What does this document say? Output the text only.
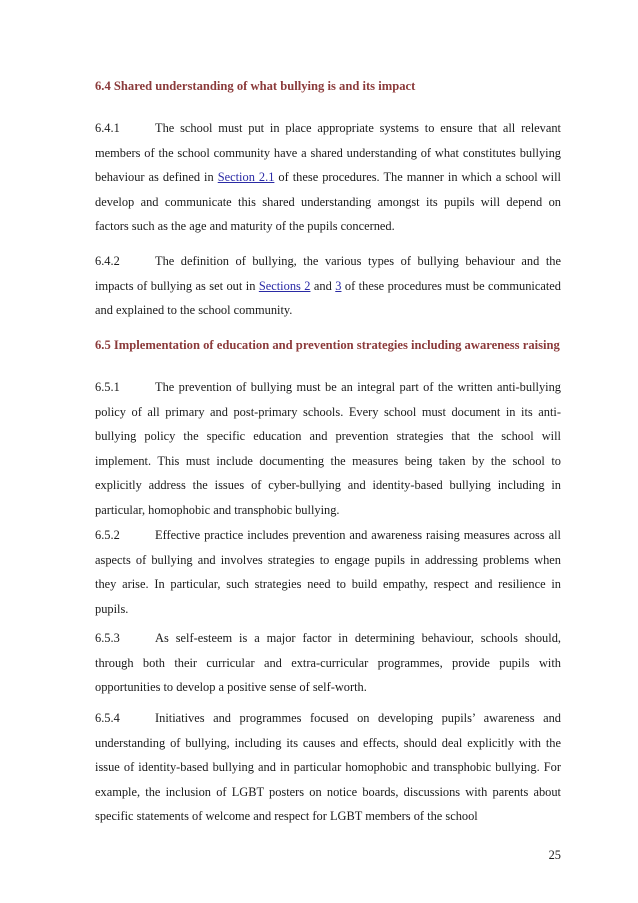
6.4 Shared understanding of what bullying is and its impact

6.4.1	The school must put in place appropriate systems to ensure that all relevant members of the school community have a shared understanding of what constitutes bullying behaviour as defined in Section 2.1 of these procedures. The manner in which a school will develop and communicate this shared understanding amongst its pupils will depend on factors such as the age and maturity of the pupils concerned.

6.4.2	The definition of bullying, the various types of bullying behaviour and the impacts of bullying as set out in Sections 2 and 3 of these procedures must be communicated and explained to the school community.

6.5 Implementation of education and prevention strategies including awareness raising

6.5.1	The prevention of bullying must be an integral part of the written anti-bullying policy of all primary and post-primary schools. Every school must document in its anti-bullying policy the specific education and prevention strategies that the school will implement. This must include documenting the measures being taken by the school to explicitly address the issues of cyber-bullying and identity-based bullying including in particular, homophobic and transphobic bullying.

6.5.2	Effective practice includes prevention and awareness raising measures across all aspects of bullying and involves strategies to engage pupils in addressing problems when they arise. In particular, such strategies need to build empathy, respect and resilience in pupils.

6.5.3	As self-esteem is a major factor in determining behaviour, schools should, through both their curricular and extra-curricular programmes, provide pupils with opportunities to develop a positive sense of self-worth.

6.5.4	Initiatives and programmes focused on developing pupils’ awareness and understanding of bullying, including its causes and effects, should deal explicitly with the issue of identity-based bullying and in particular homophobic and transphobic bullying. For example, the inclusion of LGBT posters on notice boards, discussions with parents about specific statements of welcome and respect for LGBT members of the school

25
